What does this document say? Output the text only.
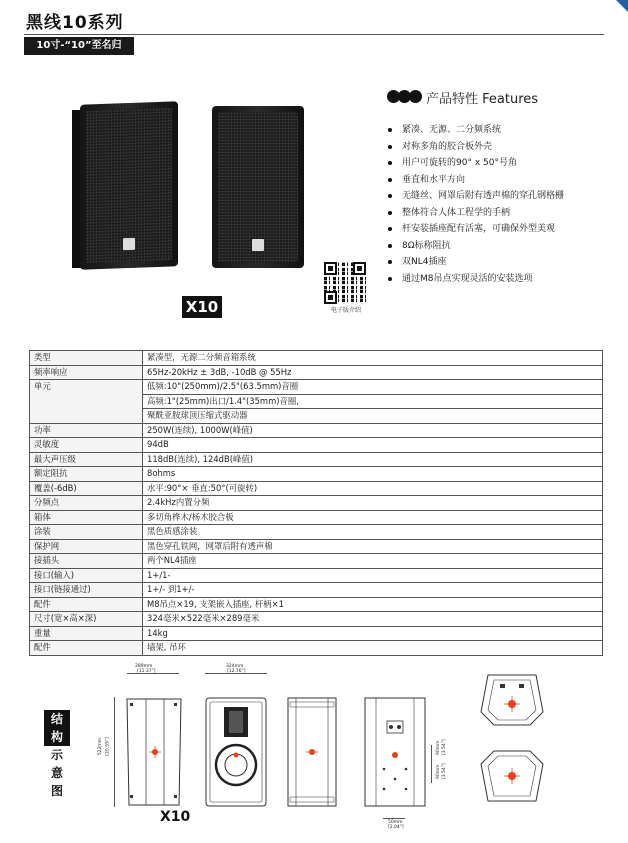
黑线10系列
10寸-“10”至名归
X10	电子版介绍
产品特性 Features
紧凑、无源、二分频系统
对称多角的胶合板外壳
用户可旋转的90° x 50°号角
垂直和水平方向
无缝丝、网罩后附有透声棉的穿孔钢格栅
整体符合人体工程学的手柄
杆安装插座配有活塞，可确保外型美观
8Ω标称阻抗
双NL4插座
通过M8吊点实现灵活的安装选项
类型	紧凑型，无源二分频音箱系统
频率响应	65Hz-20kHz ± 3dB, -10dB @ 55Hz
单元	低频:10"(250mm)/2.5"(63.5mm)音圈
	高频:1"(25mm)出口/1.4"(35mm)音圈,
	聚酰亚胺球顶压缩式驱动器
功率	250W(连续), 1000W(峰值)
灵敏度	94dB
最大声压级	118dB(连续), 124dB(峰值)
额定阻抗	8ohms
覆盖(-6dB)	水平:90°× 垂直:50°(可旋转)
分频点	2.4kHz内置分频
箱体	多切角桦木/杨木胶合板
涂装	黑色质感涂装
保护网	黑色穿孔铁网，网罩后附有透声棉
接插头	两个NL4插座
接口(输入)	1+/1-
接口(链接通过)	1+/- 到1+/-
配件	M8吊点×19, 支架嵌入插座, 杆柄×1
尺寸(宽×高×深)	324毫米×522毫米×289毫米
重量	14kg
配件	墙架, 吊环
结
构
示
意
图
289mm
[11.37"]
522mm [20.55"]
X10
324mm
[12.76"]
90mm [3.54"]
90mm [3.54"]
50mm
[2.04"]
